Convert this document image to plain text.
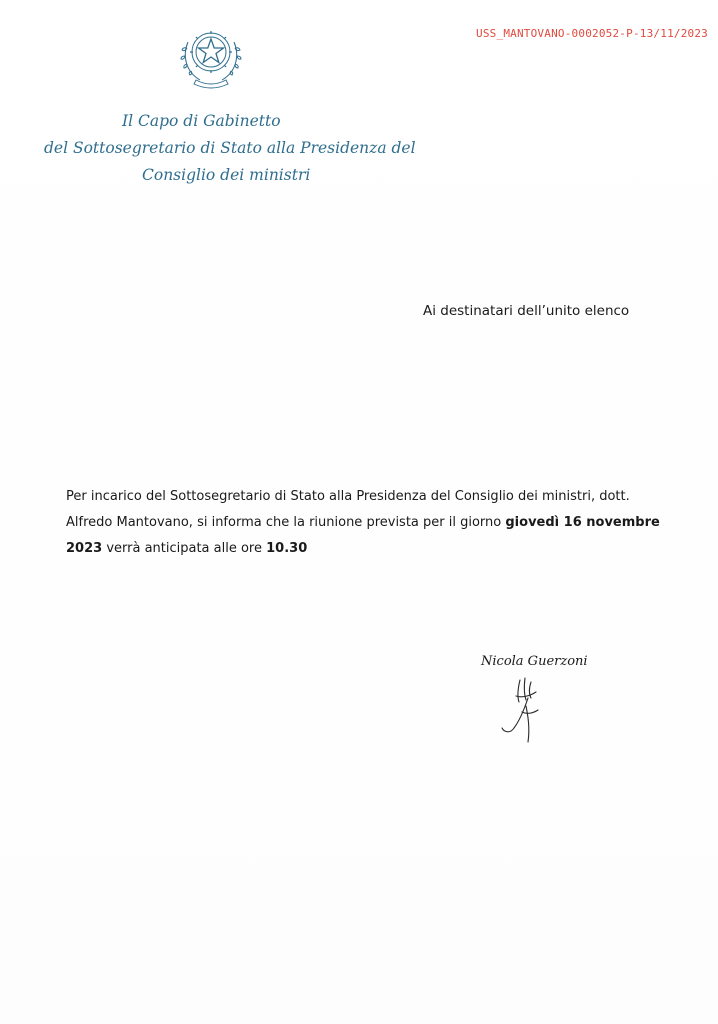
USS_MANTOVANO-0002052-P-13/11/2023
Il Capo di Gabinetto
del Sottosegretario di Stato alla Presidenza del
Consiglio dei ministri
Ai destinatari dell’unito elenco
Per incarico del Sottosegretario di Stato alla Presidenza del Consiglio dei ministri, dott.
Alfredo Mantovano, si informa che la riunione prevista per il giorno giovedì 16 novembre
2023 verrà anticipata alle ore 10.30
Nicola Guerzoni
